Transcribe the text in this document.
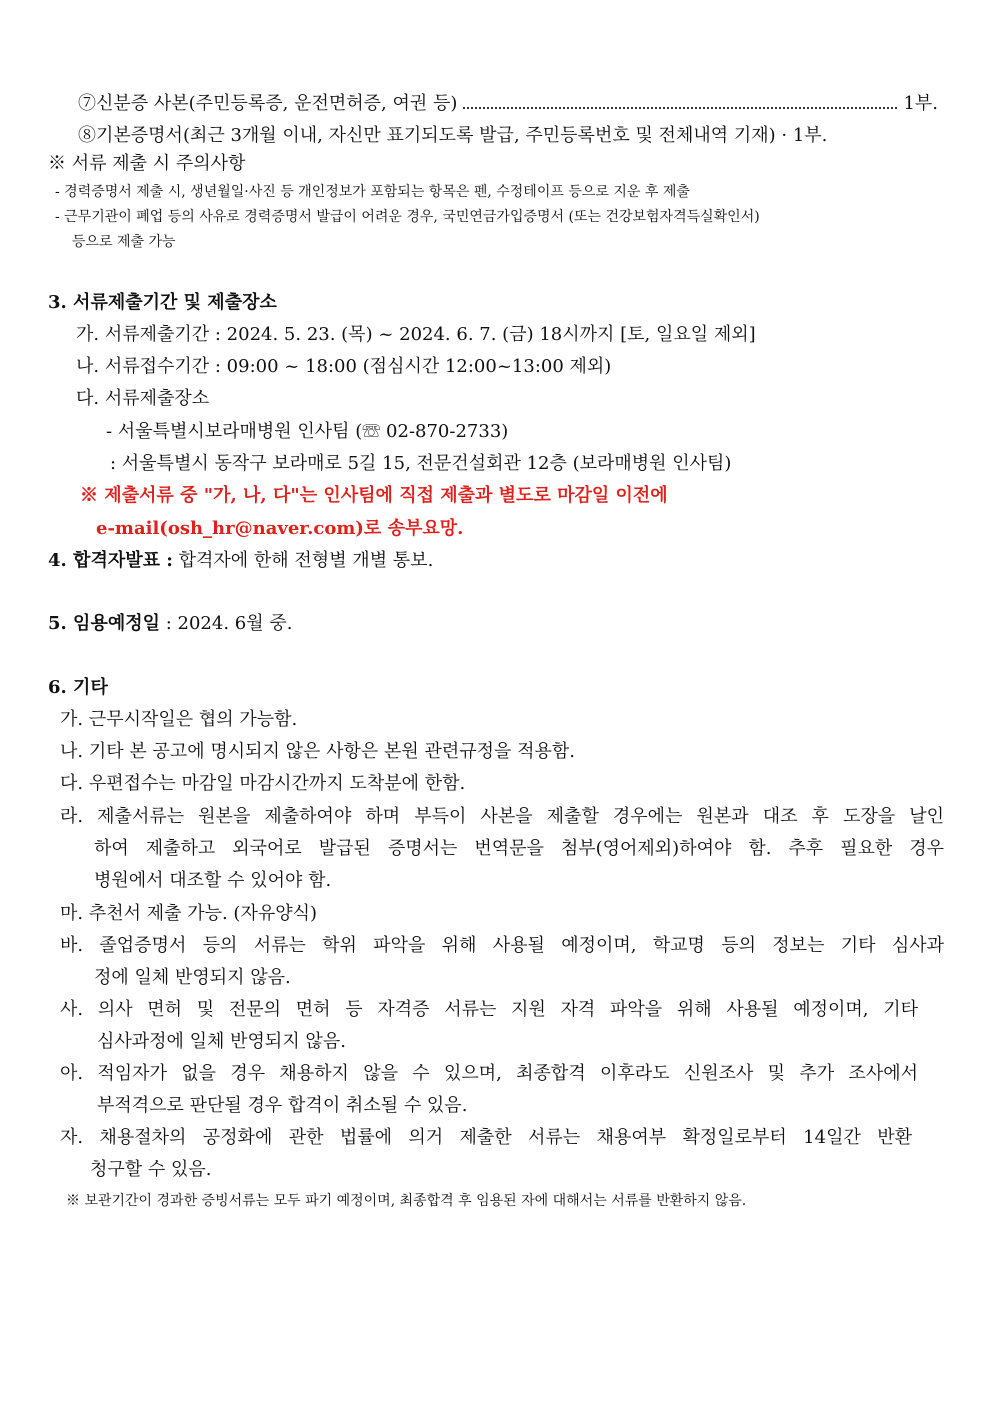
⑦신분증 사본(주민등록증, 운전면허증, 여권 등)	1부.
⑧기본증명서(최근 3개월 이내, 자신만 표기되도록 발급, 주민등록번호 및 전체내역 기재) · 1부.
※ 서류 제출 시 주의사항
- 경력증명서 제출 시, 생년월일·사진 등 개인정보가 포함되는 항목은 펜, 수정테이프 등으로 지운 후 제출
- 근무기관이 폐업 등의 사유로 경력증명서 발급이 어려운 경우, 국민연금가입증명서 (또는 건강보험자격득실확인서)
등으로 제출 가능
3. 서류제출기간 및 제출장소
가. 서류제출기간 : 2024. 5. 23. (목) ~ 2024. 6. 7. (금) 18시까지 [토, 일요일 제외]
나. 서류접수기간 : 09:00 ~ 18:00 (점심시간 12:00~13:00 제외)
다. 서류제출장소
- 서울특별시보라매병원 인사팀 (☏ 02-870-2733)
: 서울특별시 동작구 보라매로 5길 15, 전문건설회관 12층 (보라매병원 인사팀)
※ 제출서류 중 "가, 나, 다"는 인사팀에 직접 제출과 별도로 마감일 이전에
e-mail(osh_hr@naver.com)로 송부요망.
4. 합격자발표 : 합격자에 한해 전형별 개별 통보.
5. 임용예정일 : 2024. 6월 중.
6. 기타
가. 근무시작일은 협의 가능함.
나. 기타 본 공고에 명시되지 않은 사항은 본원 관련규정을 적용함.
다. 우편접수는 마감일 마감시간까지 도착분에 한함.
라. 제출서류는 원본을 제출하여야 하며 부득이 사본을 제출할 경우에는 원본과 대조 후 도장을 날인
하여 제출하고 외국어로 발급된 증명서는 번역문을 첨부(영어제외)하여야 함. 추후 필요한 경우
병원에서 대조할 수 있어야 함.
마. 추천서 제출 가능. (자유양식)
바. 졸업증명서 등의 서류는 학위 파악을 위해 사용될 예정이며, 학교명 등의 정보는 기타 심사과
정에 일체 반영되지 않음.
사. 의사 면허 및 전문의 면허 등 자격증 서류는 지원 자격 파악을 위해 사용될 예정이며, 기타
심사과정에 일체 반영되지 않음.
아. 적임자가 없을 경우 채용하지 않을 수 있으며, 최종합격 이후라도 신원조사 및 추가 조사에서
부적격으로 판단될 경우 합격이 취소될 수 있음.
자. 채용절차의 공정화에 관한 법률에 의거 제출한 서류는 채용여부 확정일로부터 14일간 반환
청구할 수 있음.
※ 보관기간이 경과한 증빙서류는 모두 파기 예정이며, 최종합격 후 임용된 자에 대해서는 서류를 반환하지 않음.
